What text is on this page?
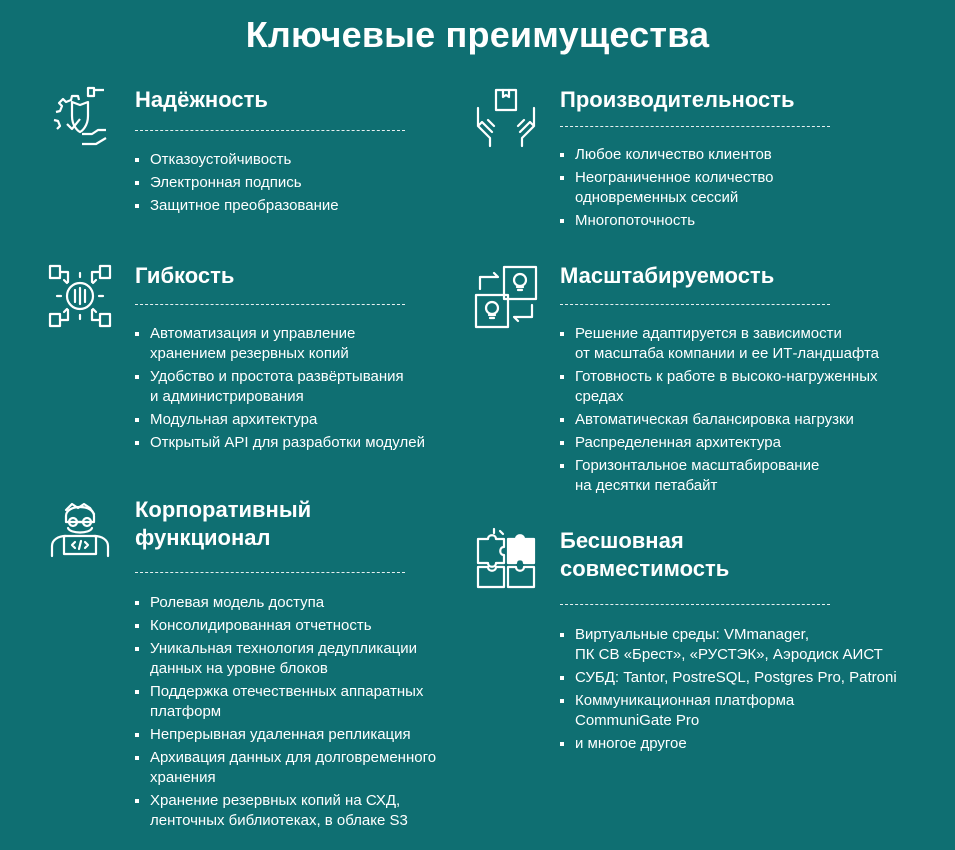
Ключевые преимущества
Надёжность
Отказоустойчивость
Электронная подпись
Защитное преобразование
Производительность
Любое количество клиентов
Неограниченное количество
одновременных сессий
Многопоточность
Гибкость
Автоматизация и управление
хранением резервных копий
Удобство и простота развёртывания
и администрирования
Модульная архитектура
Открытый API для разработки модулей
Масштабируемость
Решение адаптируется в зависимости
от масштаба компании и ее ИТ-ландшафта
Готовность к работе в высоко-нагруженных
средах
Автоматическая балансировка нагрузки
Распределенная архитектура
Горизонтальное масштабирование
на десятки петабайт
Корпоративный
функционал
Ролевая модель доступа
Консолидированная отчетность
Уникальная технология дедупликации
данных на уровне блоков
Поддержка отечественных аппаратных
платформ
Непрерывная удаленная репликация
Архивация данных для долговременного
хранения
Хранение резервных копий на СХД,
ленточных библиотеках, в облаке S3
Бесшовная
совместимость
Виртуальные среды: VMmanager,
ПК СВ «Брест», «РУСТЭК», Аэродиск АИСТ
СУБД: Tantor, PostreSQL, Postgres Pro, Patroni
Коммуникационная платформа
CommuniGate Pro
и многое другое
